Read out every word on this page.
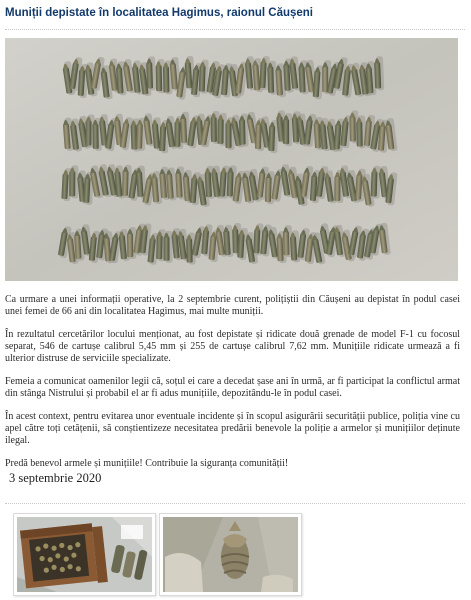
Muniții depistate în localitatea Hagimus, raionul Căușeni

Ca urmare a unei informații operative, la 2 septembrie curent, polițiștii din Căușeni au depistat în podul casei unei femei de 66 ani din localitatea Hagimus, mai multe muniții.

În rezultatul cercetărilor locului menționat, au fost depistate și ridicate două grenade de model F-1 cu focosul separat, 546 de cartușe calibrul 5,45 mm și 255 de cartușe calibrul 7,62 mm. Munițiile ridicate urmează a fi ulterior distruse de serviciile specializate.

Femeia a comunicat oamenilor legii că, soțul ei care a decedat șase ani în urmă, ar fi participat la conflictul armat din stânga Nistrului și probabil el ar fi adus munițiile, depozitându-le în podul casei.

În acest context, pentru evitarea unor eventuale incidente și în scopul asigurării securității publice, poliția vine cu apel către toți cetățenii, să conștientizeze necesitatea predării benevole la poliție a armelor și munițiilor deținute ilegal.

Predă benevol armele și munițiile! Contribuie la siguranța comunității!

3 septembrie 2020
